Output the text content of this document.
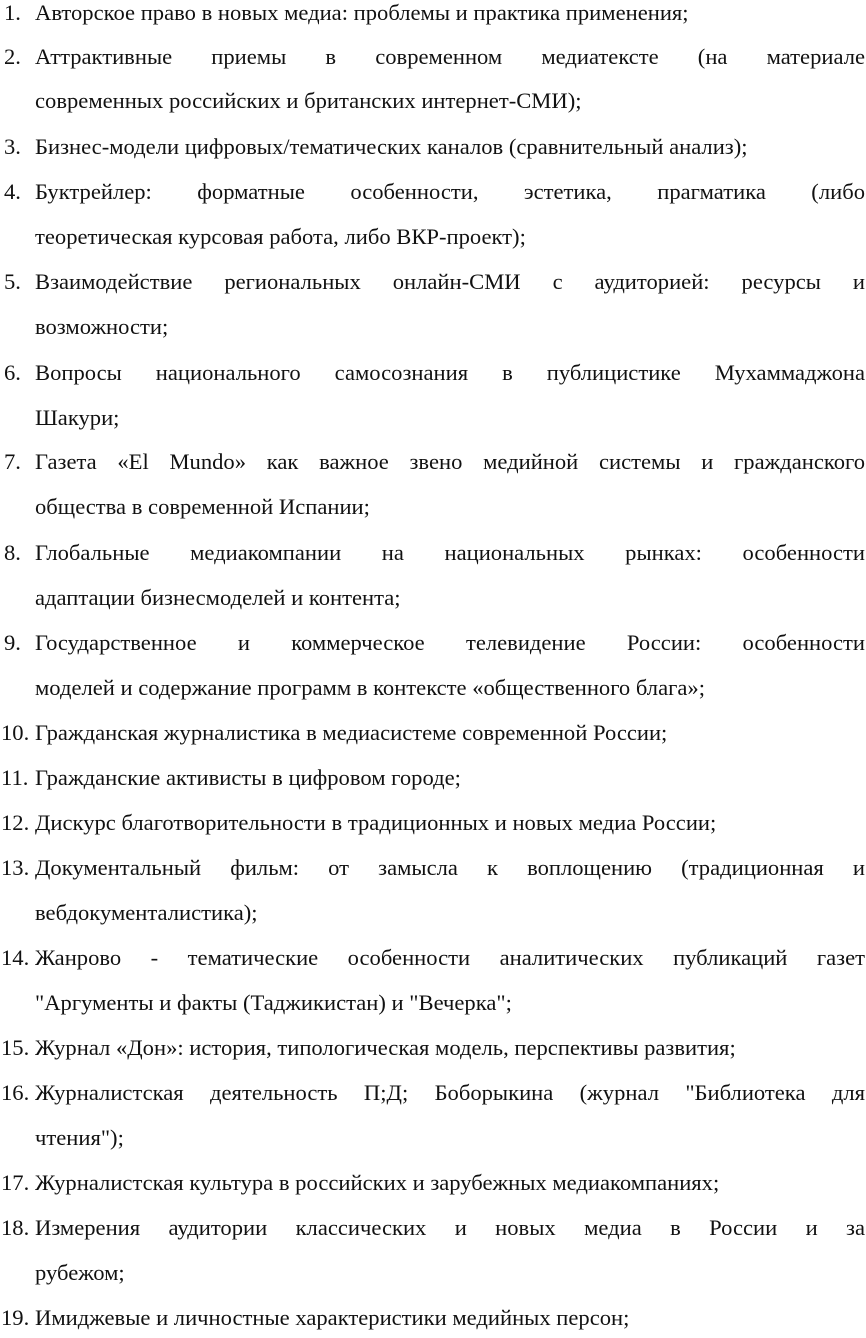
1. Авторское право в новых медиа: проблемы и практика применения;
2. Аттрактивные приемы в современном медиатексте (на материале
современных российских и британских интернет-СМИ);
3. Бизнес-модели цифровых/тематических каналов (сравнительный анализ);
4. Буктрейлер: форматные особенности, эстетика, прагматика (либо
теоретическая курсовая работа, либо ВКР-проект);
5. Взаимодействие региональных онлайн-СМИ с аудиторией: ресурсы и
возможности;
6. Вопросы национального самосознания в публицистике Мухаммаджона
Шакури;
7. Газета «El Mundo» как важное звено медийной системы и гражданского
общества в современной Испании;
8. Глобальные медиакомпании на национальных рынках: особенности
адаптации бизнесмоделей и контента;
9. Государственное и коммерческое телевидение России: особенности
моделей и содержание программ в контексте «общественного блага»;
10. Гражданская журналистика в медиасистеме современной России;
11. Гражданские активисты в цифровом городе;
12. Дискурс благотворительности в традиционных и новых медиа России;
13. Документальный фильм: от замысла к воплощению (традиционная и
вебдокументалистика);
14. Жанрово - тематические особенности аналитических публикаций газет
"Аргументы и факты (Таджикистан) и "Вечерка";
15. Журнал «Дон»: история, типологическая модель, перспективы развития;
16. Журналистская деятельность П;Д; Боборыкина (журнал "Библиотека для
чтения");
17. Журналистская культура в российских и зарубежных медиакомпаниях;
18. Измерения аудитории классических и новых медиа в России и за
рубежом;
19. Имиджевые и личностные характеристики медийных персон;
